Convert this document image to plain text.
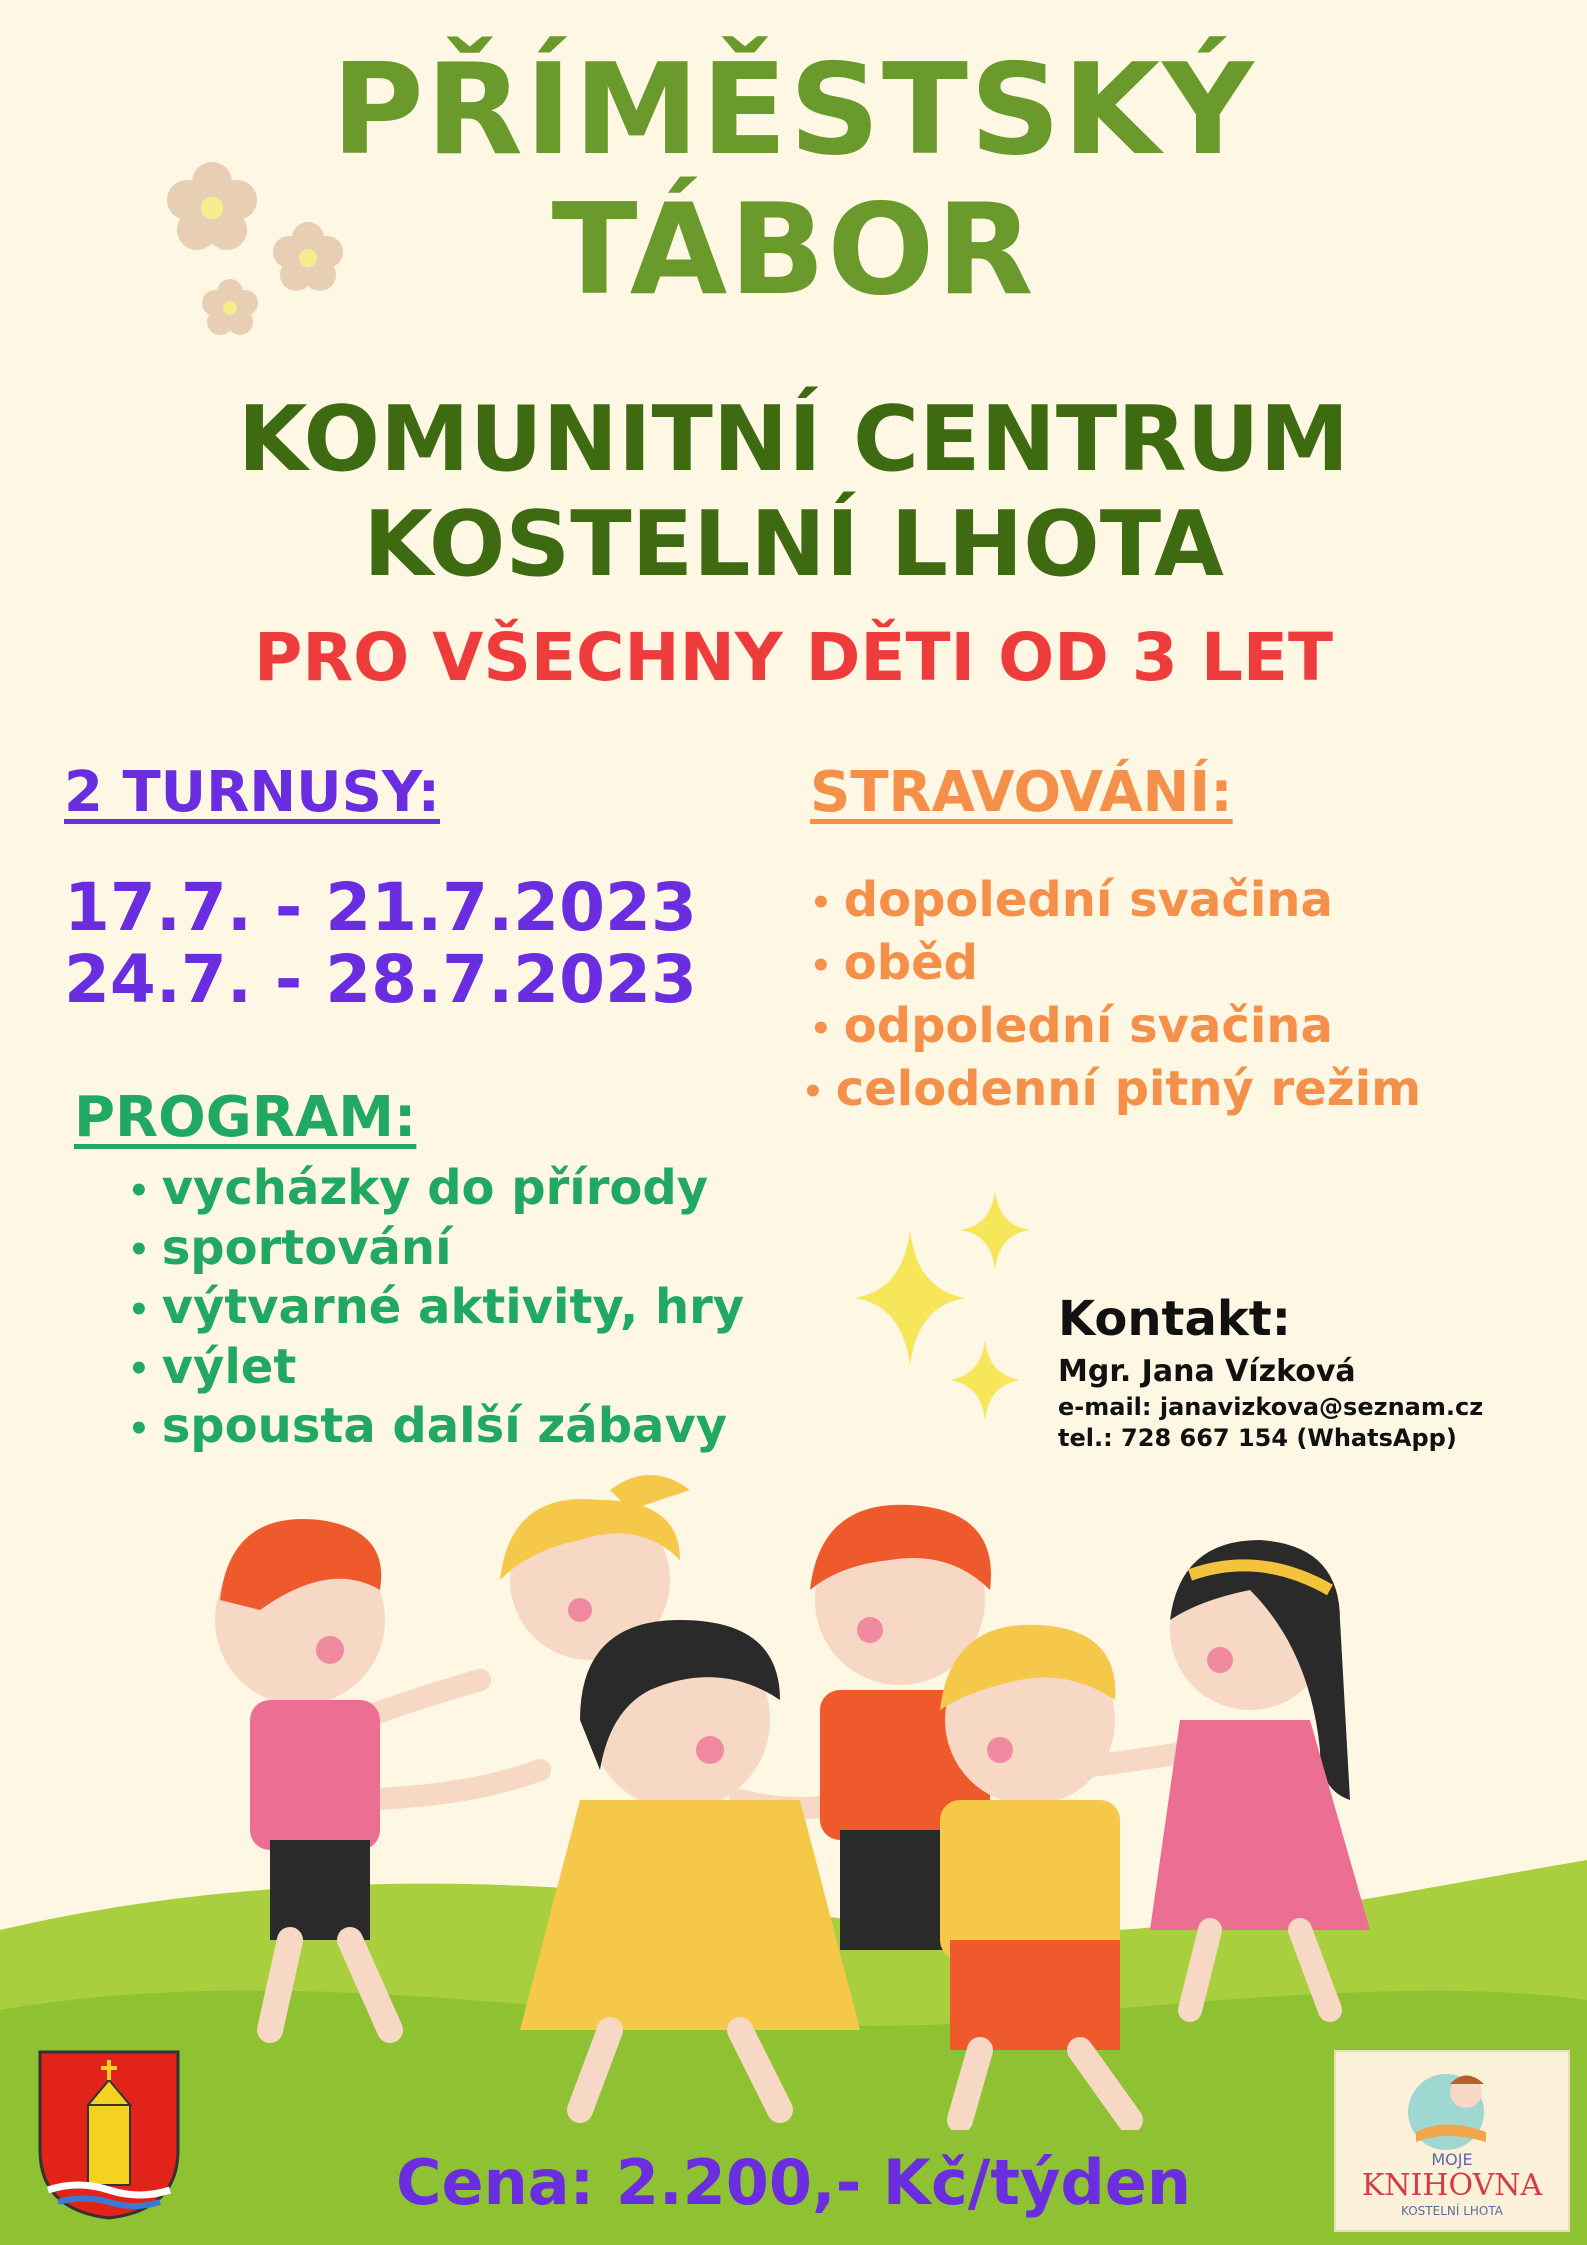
PŘÍMĚSTSKÝ
TÁBOR
KOMUNITNÍ CENTRUM
KOSTELNÍ LHOTA
PRO VŠECHNY DĚTI OD 3 LET
2 TURNUSY:
17.7. - 21.7.2023
24.7. - 28.7.2023
STRAVOVÁNÍ:
• dopolední svačina
• oběd
• odpolední svačina
• celodenní pitný režim
PROGRAM:
• vycházky do přírody
• sportování
• výtvarné aktivity, hry
• výlet
• spousta další zábavy
Kontakt:
Mgr. Jana Vízková
e-mail: janavizkova@seznam.cz
tel.: 728 667 154 (WhatsApp)
MOJE
KNIHOVNA
KOSTELNÍ LHOTA
Cena: 2.200,- Kč/týden
